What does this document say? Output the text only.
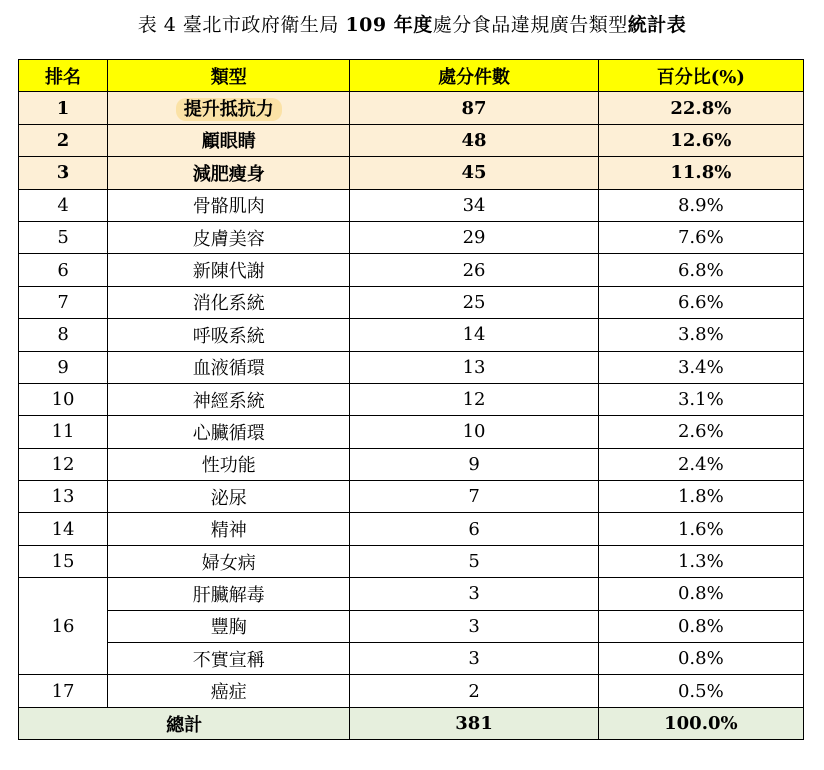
表 4 臺北市政府衛生局 109 年度處分食品違規廣告類型統計表
排名	類型	處分件數	百分比(%)
1	提升抵抗力	87	22.8%
2	顧眼睛	48	12.6%
3	減肥瘦身	45	11.8%
4	骨骼肌肉	34	8.9%
5	皮膚美容	29	7.6%
6	新陳代謝	26	6.8%
7	消化系統	25	6.6%
8	呼吸系統	14	3.8%
9	血液循環	13	3.4%
10	神經系統	12	3.1%
11	心臟循環	10	2.6%
12	性功能	9	2.4%
13	泌尿	7	1.8%
14	精神	6	1.6%
15	婦女病	5	1.3%
16	肝臟解毒	3	0.8%
	豐胸	3	0.8%
	不實宣稱	3	0.8%
17	癌症	2	0.5%
總計		381	100.0%
